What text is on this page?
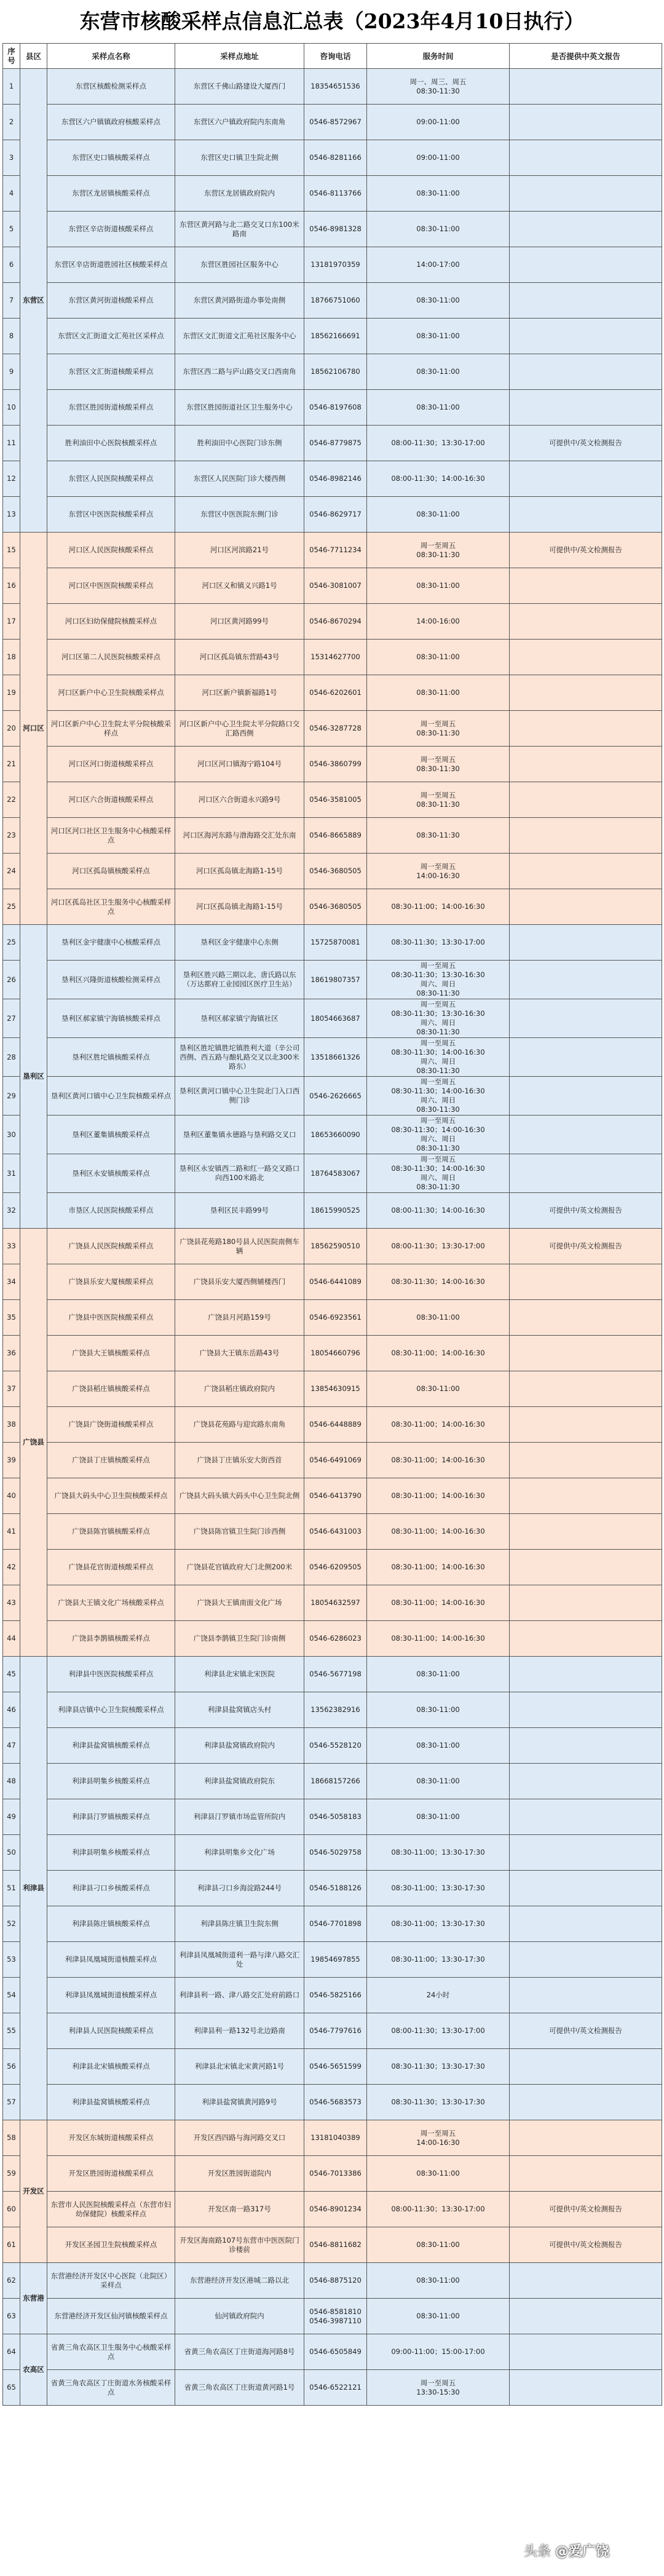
东营市核酸采样点信息汇总表（2023年4月10日执行）
序号	县区	采样点名称	采样点地址	咨询电话	服务时间	是否提供中英文报告
1	东营区	东营区核酸检测采样点	东营区千佛山路建设大厦西门	18354651536	周一、周三、周五
08:30-11:30	
2		东营区六户镇镇政府核酸采样点	东营区六户镇政府院内东南角	0546-8572967	09:00-11:00	
3		东营区史口镇核酸采样点	东营区史口镇卫生院北侧	0546-8281166	09:00-11:00	
4		东营区龙居镇核酸采样点	东营区龙居镇政府院内	0546-8113766	08:30-11:00	
5		东营区辛店街道核酸采样点	东营区黄河路与北二路交叉口东100米路南	0546-8981328	08:30-11:00	
6		东营区辛店街道胜园社区核酸采样点	东营区胜园社区服务中心	13181970359	14:00-17:00	
7		东营区黄河街道核酸采样点	东营区黄河路街道办事处南侧	18766751060	08:30-11:00	
8		东营区文汇街道文汇苑社区采样点	东营区文汇街道文汇苑社区服务中心	18562166691	08:30-11:00	
9		东营区文汇街道核酸采样点	东营区西二路与庐山路交叉口西南角	18562106780	08:30-11:00	
10		东营区胜园街道核酸采样点	东营区胜园街道社区卫生服务中心	0546-8197608	08:30-11:00	
11		胜利油田中心医院核酸采样点	胜利油田中心医院门诊东侧	0546-8779875	08:00-11:30；13:30-17:00	可提供中/英文检测报告
12		东营区人民医院核酸采样点	东营区人民医院门诊大楼西侧	0546-8982146	08:00-11:30；14:00-16:30	
13		东营区中医医院核酸采样点	东营区中医医院东侧门诊	0546-8629717	08:30-11:00	
15	河口区	河口区人民医院核酸采样点	河口区河滨路21号	0546-7711234	周一至周五
08:30-11:30	可提供中/英文检测报告
16		河口区中医医院核酸采样点	河口区义和镇义兴路1号	0546-3081007	08:30-11:00	
17		河口区妇幼保健院核酸采样点	河口区黄河路99号	0546-8670294	14:00-16:00	
18		河口区第二人民医院核酸采样点	河口区孤岛镇东营路43号	15314627700	08:30-11:00	
19		河口区新户中心卫生院核酸采样点	河口区新户镇新福路1号	0546-6202601	08:30-11:00	
20		河口区新户中心卫生院太平分院核酸采样点	河口区新户中心卫生院太平分院路口交汇路西侧	0546-3287728	周一至周五
08:30-11:30	
21		河口区河口街道核酸采样点	河口区河口镇海宁路104号	0546-3860799	周一至周五
08:30-11:30	
22		河口区六合街道核酸采样点	河口区六合街道永兴路9号	0546-3581005	周一至周五
08:30-11:30	
23		河口区河口社区卫生服务中心核酸采样点	河口区海河东路与渤海路交汇处东南	0546-8665889	08:30-11:30	
24		河口区孤岛镇核酸采样点	河口区孤岛镇北海路1-15号	0546-3680505	周一至周五
14:00-16:30	
25		河口区孤岛社区卫生服务中心核酸采样点	河口区孤岛镇北海路1-15号	0546-3680505	08:30-11:00；14:00-16:30	
25	垦利区	垦利区金宇健康中心核酸采样点	垦利区金宇健康中心东侧	15725870081	08:30-11:30；13:30-17:00	
26		垦利区兴隆街道核酸检测采样点	垦利区胜兴路三期以北、唐氏路以东（万达都府工业园园区医疗卫生站）	18619807357	周一至周五
08:30-11:30；13:30-16:30
周六、周日
08:30-11:30	
27		垦利区郝家镇宁海镇核酸采样点	垦利区郝家镇宁海镇社区	18054663687	周一至周五
08:30-11:30；13:30-16:30
周六、周日
08:30-11:30	
28		垦利区胜坨镇核酸采样点	垦利区胜坨镇胜坨镇胜利大道（辛公司西侧、西五路与酿轧路交叉以北300米路东）	13518661326	周一至周五
08:30-11:30；14:00-16:30
周六、周日
08:30-11:30	
29		垦利区黄河口镇中心卫生院核酸采样点	垦利区黄河口镇中心卫生院北门入口西侧门诊	0546-2626665	周一至周五
08:30-11:30；14:00-16:30
周六、周日
08:30-11:30	
30		垦利区董集镇核酸采样点	垦利区董集镇永德路与垦利路交叉口	18653660090	周一至周五
08:30-11:30；14:00-16:30
周六、周日
08:30-11:30	
31		垦利区永安镇核酸采样点	垦利区永安镇西二路和红一路交叉路口向西100米路北	18764583067	周一至周五
08:30-11:30；14:00-16:30
周六、周日
08:30-11:30	
32		市垦区人民医院核酸采样点	垦利区民丰路99号	18615990525	08:00-11:30；14:00-16:30	可提供中/英文检测报告
33	广饶县	广饶县人民医院核酸采样点	广饶县花苑路180号县人民医院南侧车辆	18562590510	08:00-11:30；13:30-17:00	可提供中/英文检测报告
34		广饶县乐安大厦核酸采样点	广饶县乐安大厦西侧辅楼西门	0546-6441089	08:30-11:30；14:00-16:30	
35		广饶县中医医院核酸采样点	广饶县月河路159号	0546-6923561	08:30-11:00	
36		广饶县大王镇核酸采样点	广饶县大王镇东岳路43号	18054660796	08:30-11:00；14:00-16:30	
37		广饶县稻庄镇核酸采样点	广饶县稻庄镇政府院内	13854630915	08:30-11:00	
38		广饶县广饶街道核酸采样点	广饶县花苑路与迎宾路东南角	0546-6448889	08:30-11:00；14:00-16:30	
39		广饶县丁庄镇核酸采样点	广饶县丁庄镇乐安大街西首	0546-6491069	08:30-11:00；14:00-16:30	
40		广饶县大码头中心卫生院核酸采样点	广饶县大码头镇大码头中心卫生院北侧	0546-6413790	08:30-11:00；14:00-16:30	
41		广饶县陈官镇核酸采样点	广饶县陈官镇卫生院门诊西侧	0546-6431003	08:30-11:00；14:00-16:30	
42		广饶县花官街道核酸采样点	广饶县花官镇政府大门北侧200米	0546-6209505	08:30-11:00；14:00-16:30	
43		广饶县大王镇文化广场核酸采样点	广饶县大王镇南面文化广场	18054632597	08:30-11:00；14:00-16:30	
44		广饶县李鹊镇核酸采样点	广饶县李鹊镇卫生院门诊南侧	0546-6286023	08:30-11:00；14:00-16:30	
45	利津县	利津县中医医院核酸采样点	利津县北宋镇北宋医院	0546-5677198	08:30-11:00	
46		利津县店镇中心卫生院核酸采样点	利津县盐窝镇店头村	13562382916	08:30-11:00	
47		利津县盐窝镇核酸采样点	利津县盐窝镇政府院内	0546-5528120	08:30-11:00	
48		利津县明集乡核酸采样点	利津县盐窝镇政府院东	18668157266	08:30-11:00	
49		利津县汀罗镇核酸采样点	利津县汀罗镇市场监管所院内	0546-5058183	08:30-11:00	
50		利津县明集乡核酸采样点	利津县明集乡文化广场	0546-5029758	08:30-11:00；13:30-17:30	
51		利津县刁口乡核酸采样点	利津县刁口乡海淀路244号	0546-5188126	08:30-11:00；13:30-17:30	
52		利津县陈庄镇核酸采样点	利津县陈庄镇卫生院东侧	0546-7701898	08:30-11:00；13:30-17:30	
53		利津县凤凰城街道核酸采样点	利津县凤凰城街道利一路与津八路交汇处	19854697855	08:30-11:00；13:30-17:30	
54		利津县凤凰城街道核酸采样点	利津县利一路、津八路交汇处府前路口	0546-5825166	24小时	
55		利津县人民医院核酸采样点	利津县利一路132号北边路南	0546-7797616	08:00-11:30；13:30-17:00	可提供中/英文检测报告
56		利津县北宋镇核酸采样点	利津县北宋镇北宋黄河路1号	0546-5651599	08:30-11:30；13:30-17:30	
57		利津县盐窝镇核酸采样点	利津县盐窝镇黄河路9号	0546-5683573	08:30-11:30；13:30-17:30	
58	开发区	开发区东城街道核酸采样点	开发区西四路与海河路交叉口	13181040389	周一至周五
14:00-16:30	
59		开发区胜园街道核酸采样点	开发区胜园街道院内	0546-7013386	08:30-11:00	
60		东营市人民医院核酸采样点（东营市妇幼保健院）核酸采样点	开发区南一路317号	0546-8901234	08:00-11:30；13:30-17:00	可提供中/英文检测报告
61		开发区圣园卫生院核酸采样点	开发区海南路107号东营市中医医院门诊楼前	0546-8811682	08:30-11:00	可提供中/英文检测报告
62	东营港	东营港经济开发区中心医院（北院区）采样点	东营港经济开发区港城二路以北	0546-8875120	08:30-11:00	
63		东营港经济开发区仙河镇核酸采样点	仙河镇政府院内	0546-8581810
0546-3987110	08:30-11:00	
64	农高区	省黄三角农高区卫生服务中心核酸采样点	省黄三角农高区丁庄街道海河路8号	0546-6505849	09:00-11:00；15:00-17:00	
65		省黄三角农高区丁庄街道水务核酸采样点	省黄三角农高区丁庄街道黄河路1号	0546-6522121	周一至周五
13:30-15:30	
头条 @爱广饶
